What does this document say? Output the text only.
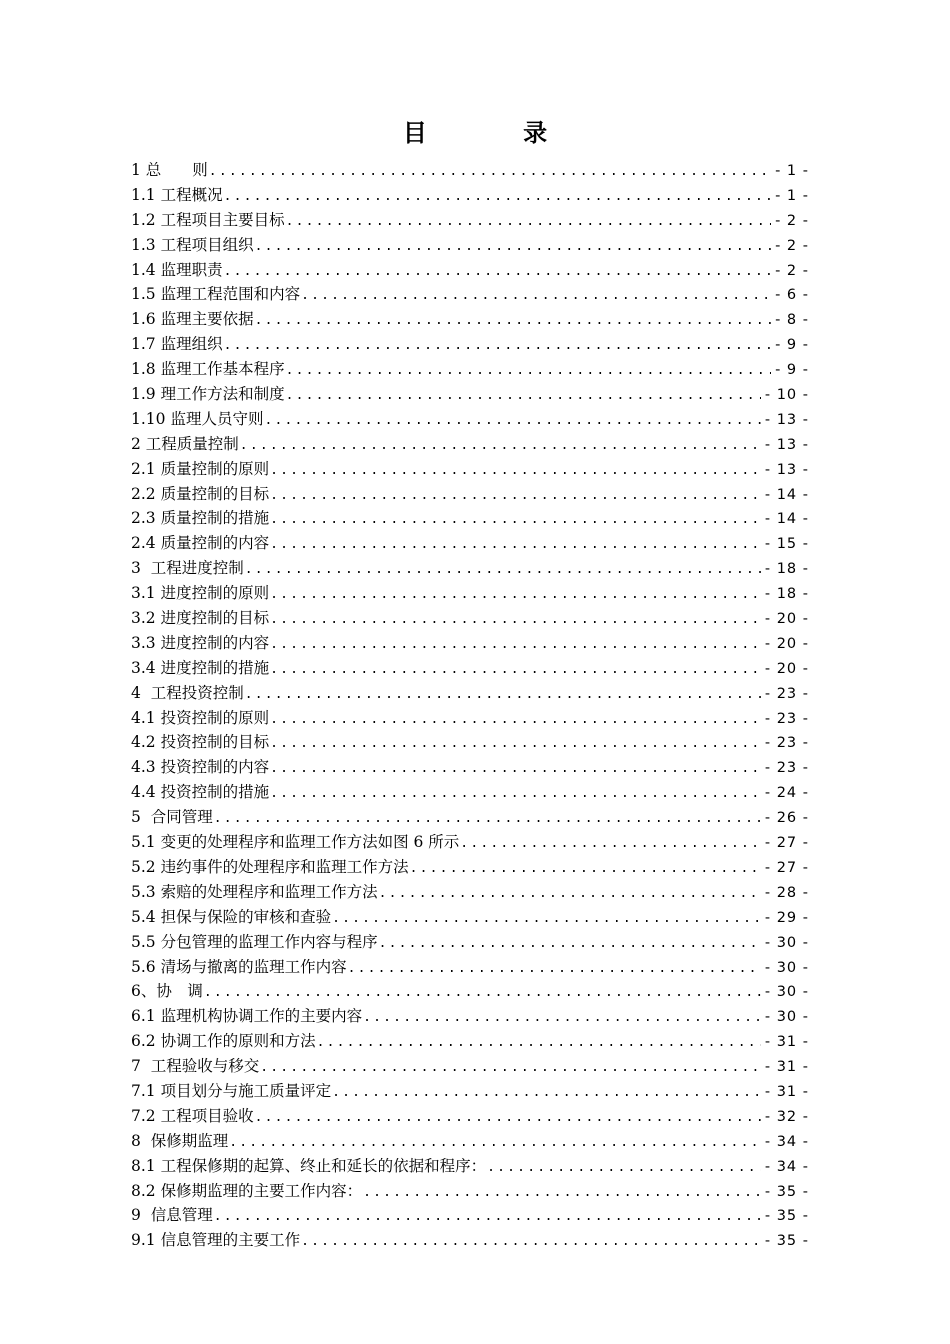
目 录
1 总　　则 .....	- 1 -
1.1 工程概况 .....	- 1 -
1.2 工程项目主要目标 .....	- 2 -
1.3 工程项目组织 .....	- 2 -
1.4 监理职责 .....	- 2 -
1.5 监理工程范围和内容 .....	- 6 -
1.6 监理主要依据 .....	- 8 -
1.7 监理组织 .....	- 9 -
1.8 监理工作基本程序 .....	- 9 -
1.9 理工作方法和制度 .....	- 10 -
1.10 监理人员守则 .....	- 13 -
2 工程质量控制 .....	- 13 -
2.1 质量控制的原则 .....	- 13 -
2.2 质量控制的目标 .....	- 14 -
2.3 质量控制的措施 .....	- 14 -
2.4 质量控制的内容 .....	- 15 -
3  工程进度控制 .....	- 18 -
3.1 进度控制的原则 .....	- 18 -
3.2 进度控制的目标 .....	- 20 -
3.3 进度控制的内容 .....	- 20 -
3.4 进度控制的措施 .....	- 20 -
4  工程投资控制 .....	- 23 -
4.1 投资控制的原则 .....	- 23 -
4.2 投资控制的目标 .....	- 23 -
4.3 投资控制的内容 .....	- 23 -
4.4 投资控制的措施 .....	- 24 -
5  合同管理 .....	- 26 -
5.1 变更的处理程序和监理工作方法如图 6 所示 .....	- 27 -
5.2 违约事件的处理程序和监理工作方法 .....	- 27 -
5.3 索赔的处理程序和监理工作方法 .....	- 28 -
5.4 担保与保险的审核和查验 .....	- 29 -
5.5 分包管理的监理工作内容与程序 .....	- 30 -
5.6 清场与撤离的监理工作内容 .....	- 30 -
6、协　调 .....	- 30 -
6.1 监理机构协调工作的主要内容 .....	- 30 -
6.2 协调工作的原则和方法 .....	- 31 -
7  工程验收与移交 .....	- 31 -
7.1 项目划分与施工质量评定 .....	- 31 -
7.2 工程项目验收 .....	- 32 -
8  保修期监理 .....	- 34 -
8.1 工程保修期的起算、终止和延长的依据和程序： .....	- 34 -
8.2 保修期监理的主要工作内容： .....	- 35 -
9  信息管理 .....	- 35 -
9.1 信息管理的主要工作 .....	- 35 -
